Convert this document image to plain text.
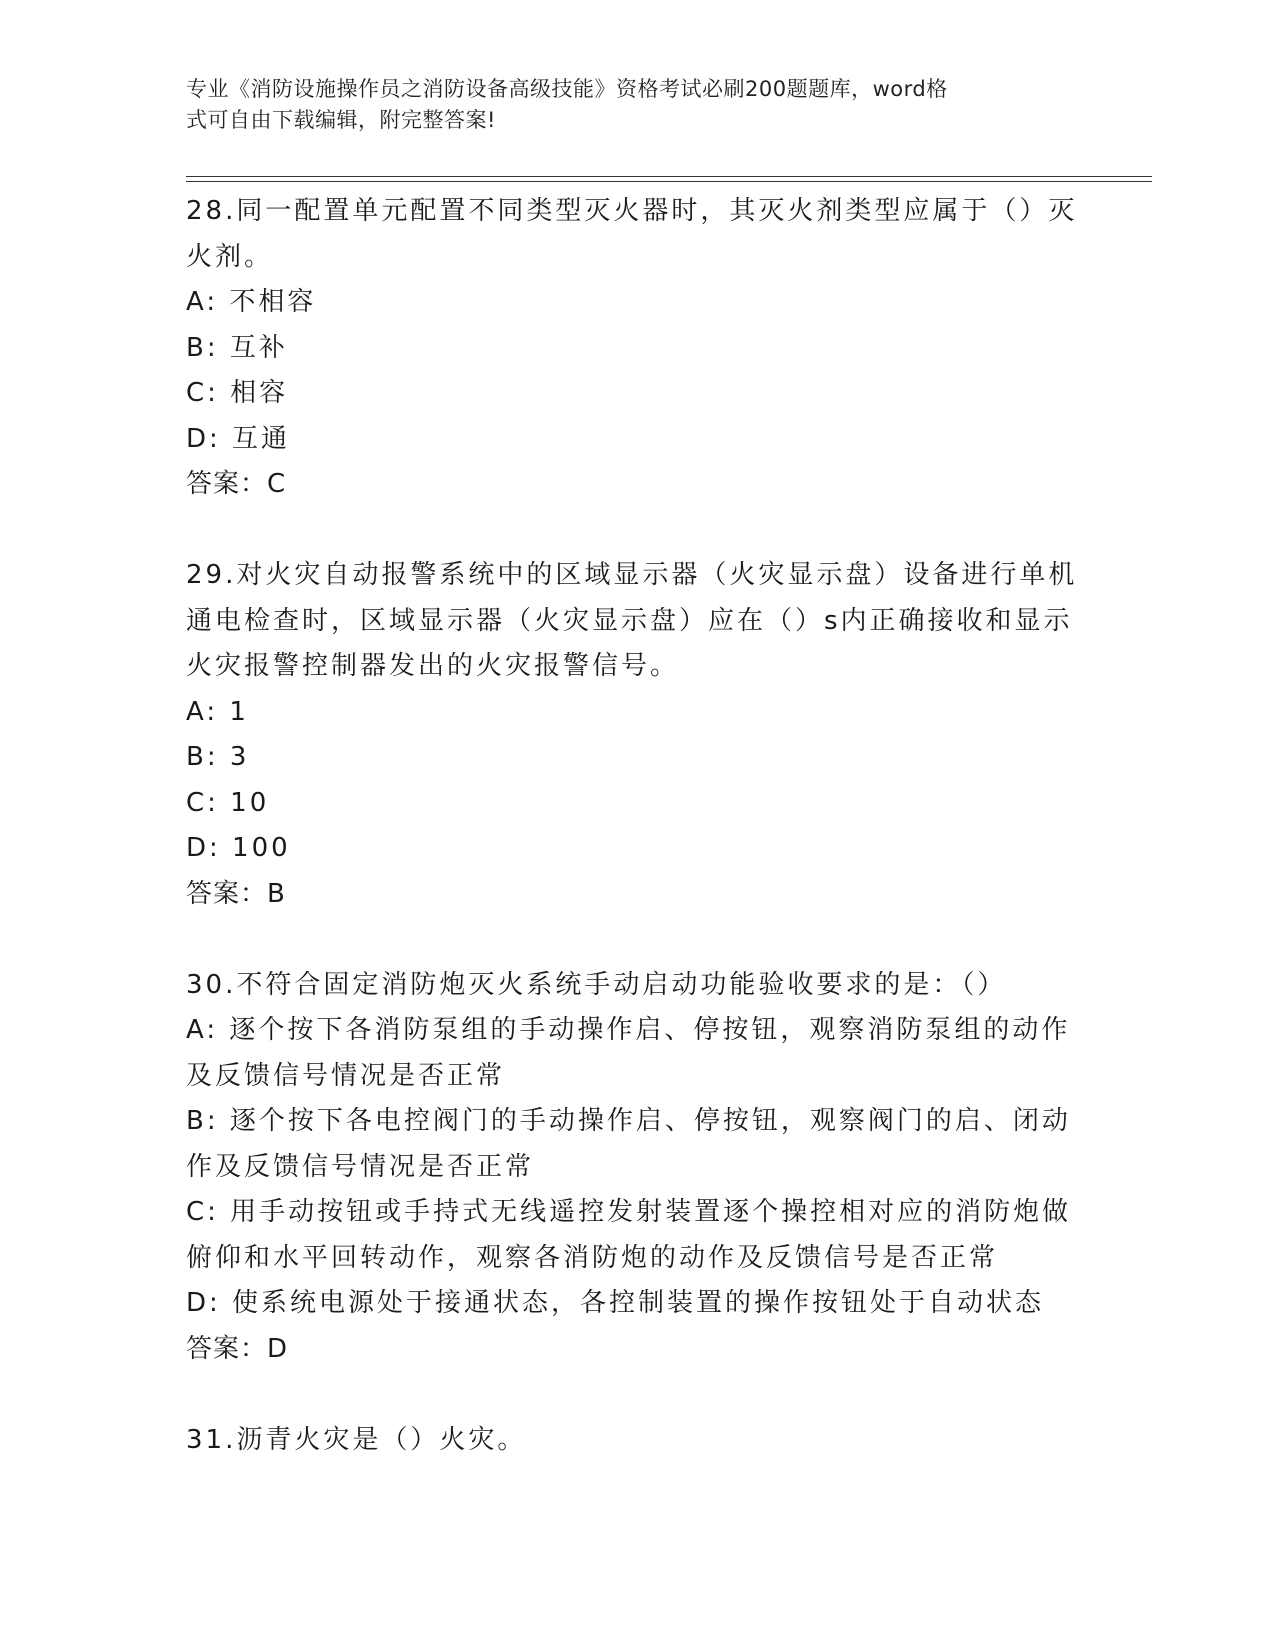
专业《消防设施操作员之消防设备高级技能》资格考试必刷200题题库，word格
式可自由下载编辑，附完整答案!
28.同一配置单元配置不同类型灭火器时，其灭火剂类型应属于（）灭
火剂。
A: 不相容
B: 互补
C: 相容
D: 互通
答案：C
29.对火灾自动报警系统中的区域显示器（火灾显示盘）设备进行单机
通电检查时，区域显示器（火灾显示盘）应在（）s内正确接收和显示
火灾报警控制器发出的火灾报警信号。
A: 1
B: 3
C: 10
D: 100
答案：B
30.不符合固定消防炮灭火系统手动启动功能验收要求的是：（）
A: 逐个按下各消防泵组的手动操作启、停按钮，观察消防泵组的动作
及反馈信号情况是否正常
B: 逐个按下各电控阀门的手动操作启、停按钮，观察阀门的启、闭动
作及反馈信号情况是否正常
C: 用手动按钮或手持式无线遥控发射装置逐个操控相对应的消防炮做
俯仰和水平回转动作，观察各消防炮的动作及反馈信号是否正常
D: 使系统电源处于接通状态，各控制装置的操作按钮处于自动状态
答案：D
31.沥青火灾是（）火灾。
